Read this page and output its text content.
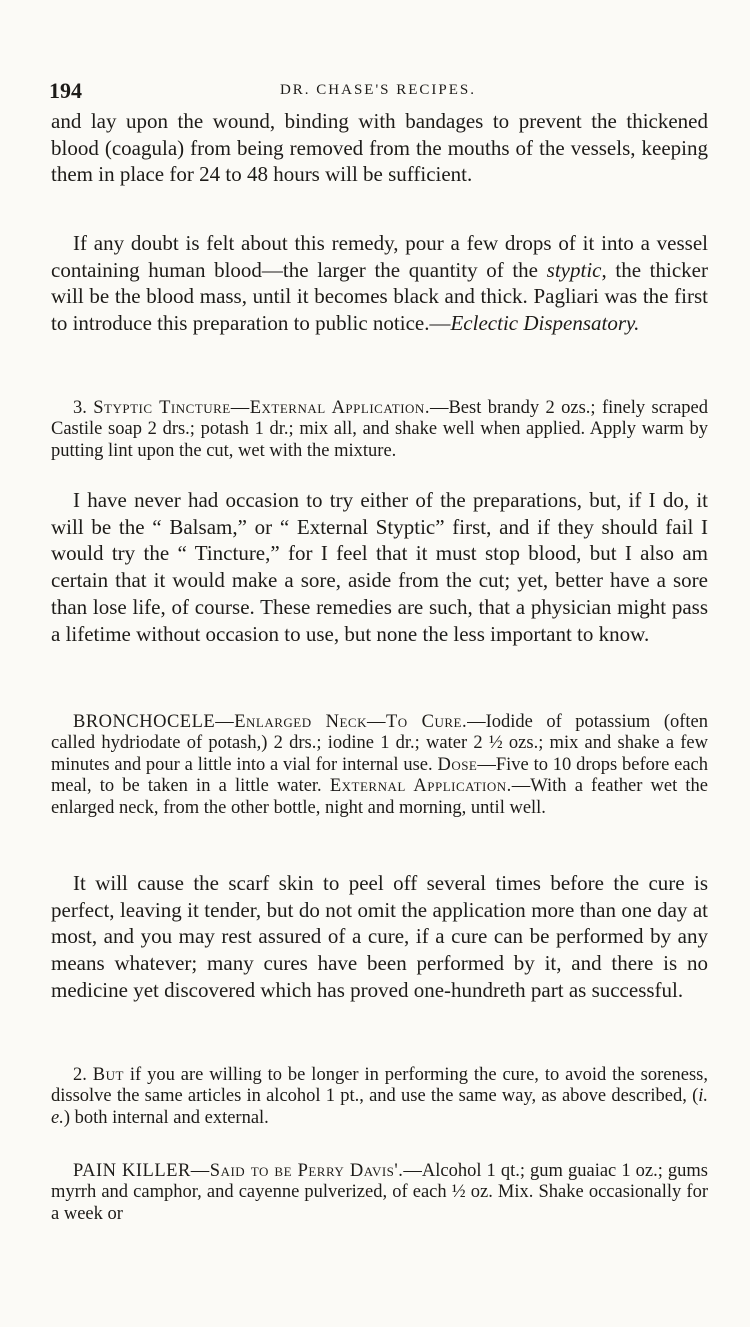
194	DR. CHASE'S RECIPES.

and lay upon the wound, binding with bandages to prevent the thickened blood (coagula) from being removed from the mouths of the vessels, keeping them in place for 24 to 48 hours will be sufficient.

If any doubt is felt about this remedy, pour a few drops of it into a vessel containing human blood—the larger the quantity of the styptic, the thicker will be the blood mass, until it becomes black and thick. Pagliari was the first to introduce this preparation to public notice.—Eclectic Dispensatory.

3. Styptic Tincture—External Application.—Best brandy 2 ozs.; finely scraped Castile soap 2 drs.; potash 1 dr.; mix all, and shake well when applied. Apply warm by putting lint upon the cut, wet with the mixture.

I have never had occasion to try either of the preparations, but, if I do, it will be the “ Balsam,” or “ External Styptic” first, and if they should fail I would try the “ Tincture,” for I feel that it must stop blood, but I also am certain that it would make a sore, aside from the cut; yet, better have a sore than lose life, of course. These remedies are such, that a physician might pass a lifetime without occasion to use, but none the less important to know.

BRONCHOCELE—Enlarged Neck—To Cure.—Iodide of potassium (often called hydriodate of potash,) 2 drs.; iodine 1 dr.; water 2 ½ ozs.; mix and shake a few minutes and pour a little into a vial for internal use. Dose—Five to 10 drops before each meal, to be taken in a little water. External Application.—With a feather wet the enlarged neck, from the other bottle, night and morning, until well.

It will cause the scarf skin to peel off several times before the cure is perfect, leaving it tender, but do not omit the application more than one day at most, and you may rest assured of a cure, if a cure can be performed by any means whatever; many cures have been performed by it, and there is no medicine yet discovered which has proved one-hundreth part as successful.

2. But if you are willing to be longer in performing the cure, to avoid the soreness, dissolve the same articles in alcohol 1 pt., and use the same way, as above described, (i. e.) both internal and external.

PAIN KILLER—Said to be Perry Davis'.—Alcohol 1 qt.; gum guaiac 1 oz.; gums myrrh and camphor, and cayenne pulverized, of each ½ oz. Mix. Shake occasionally for a week or
